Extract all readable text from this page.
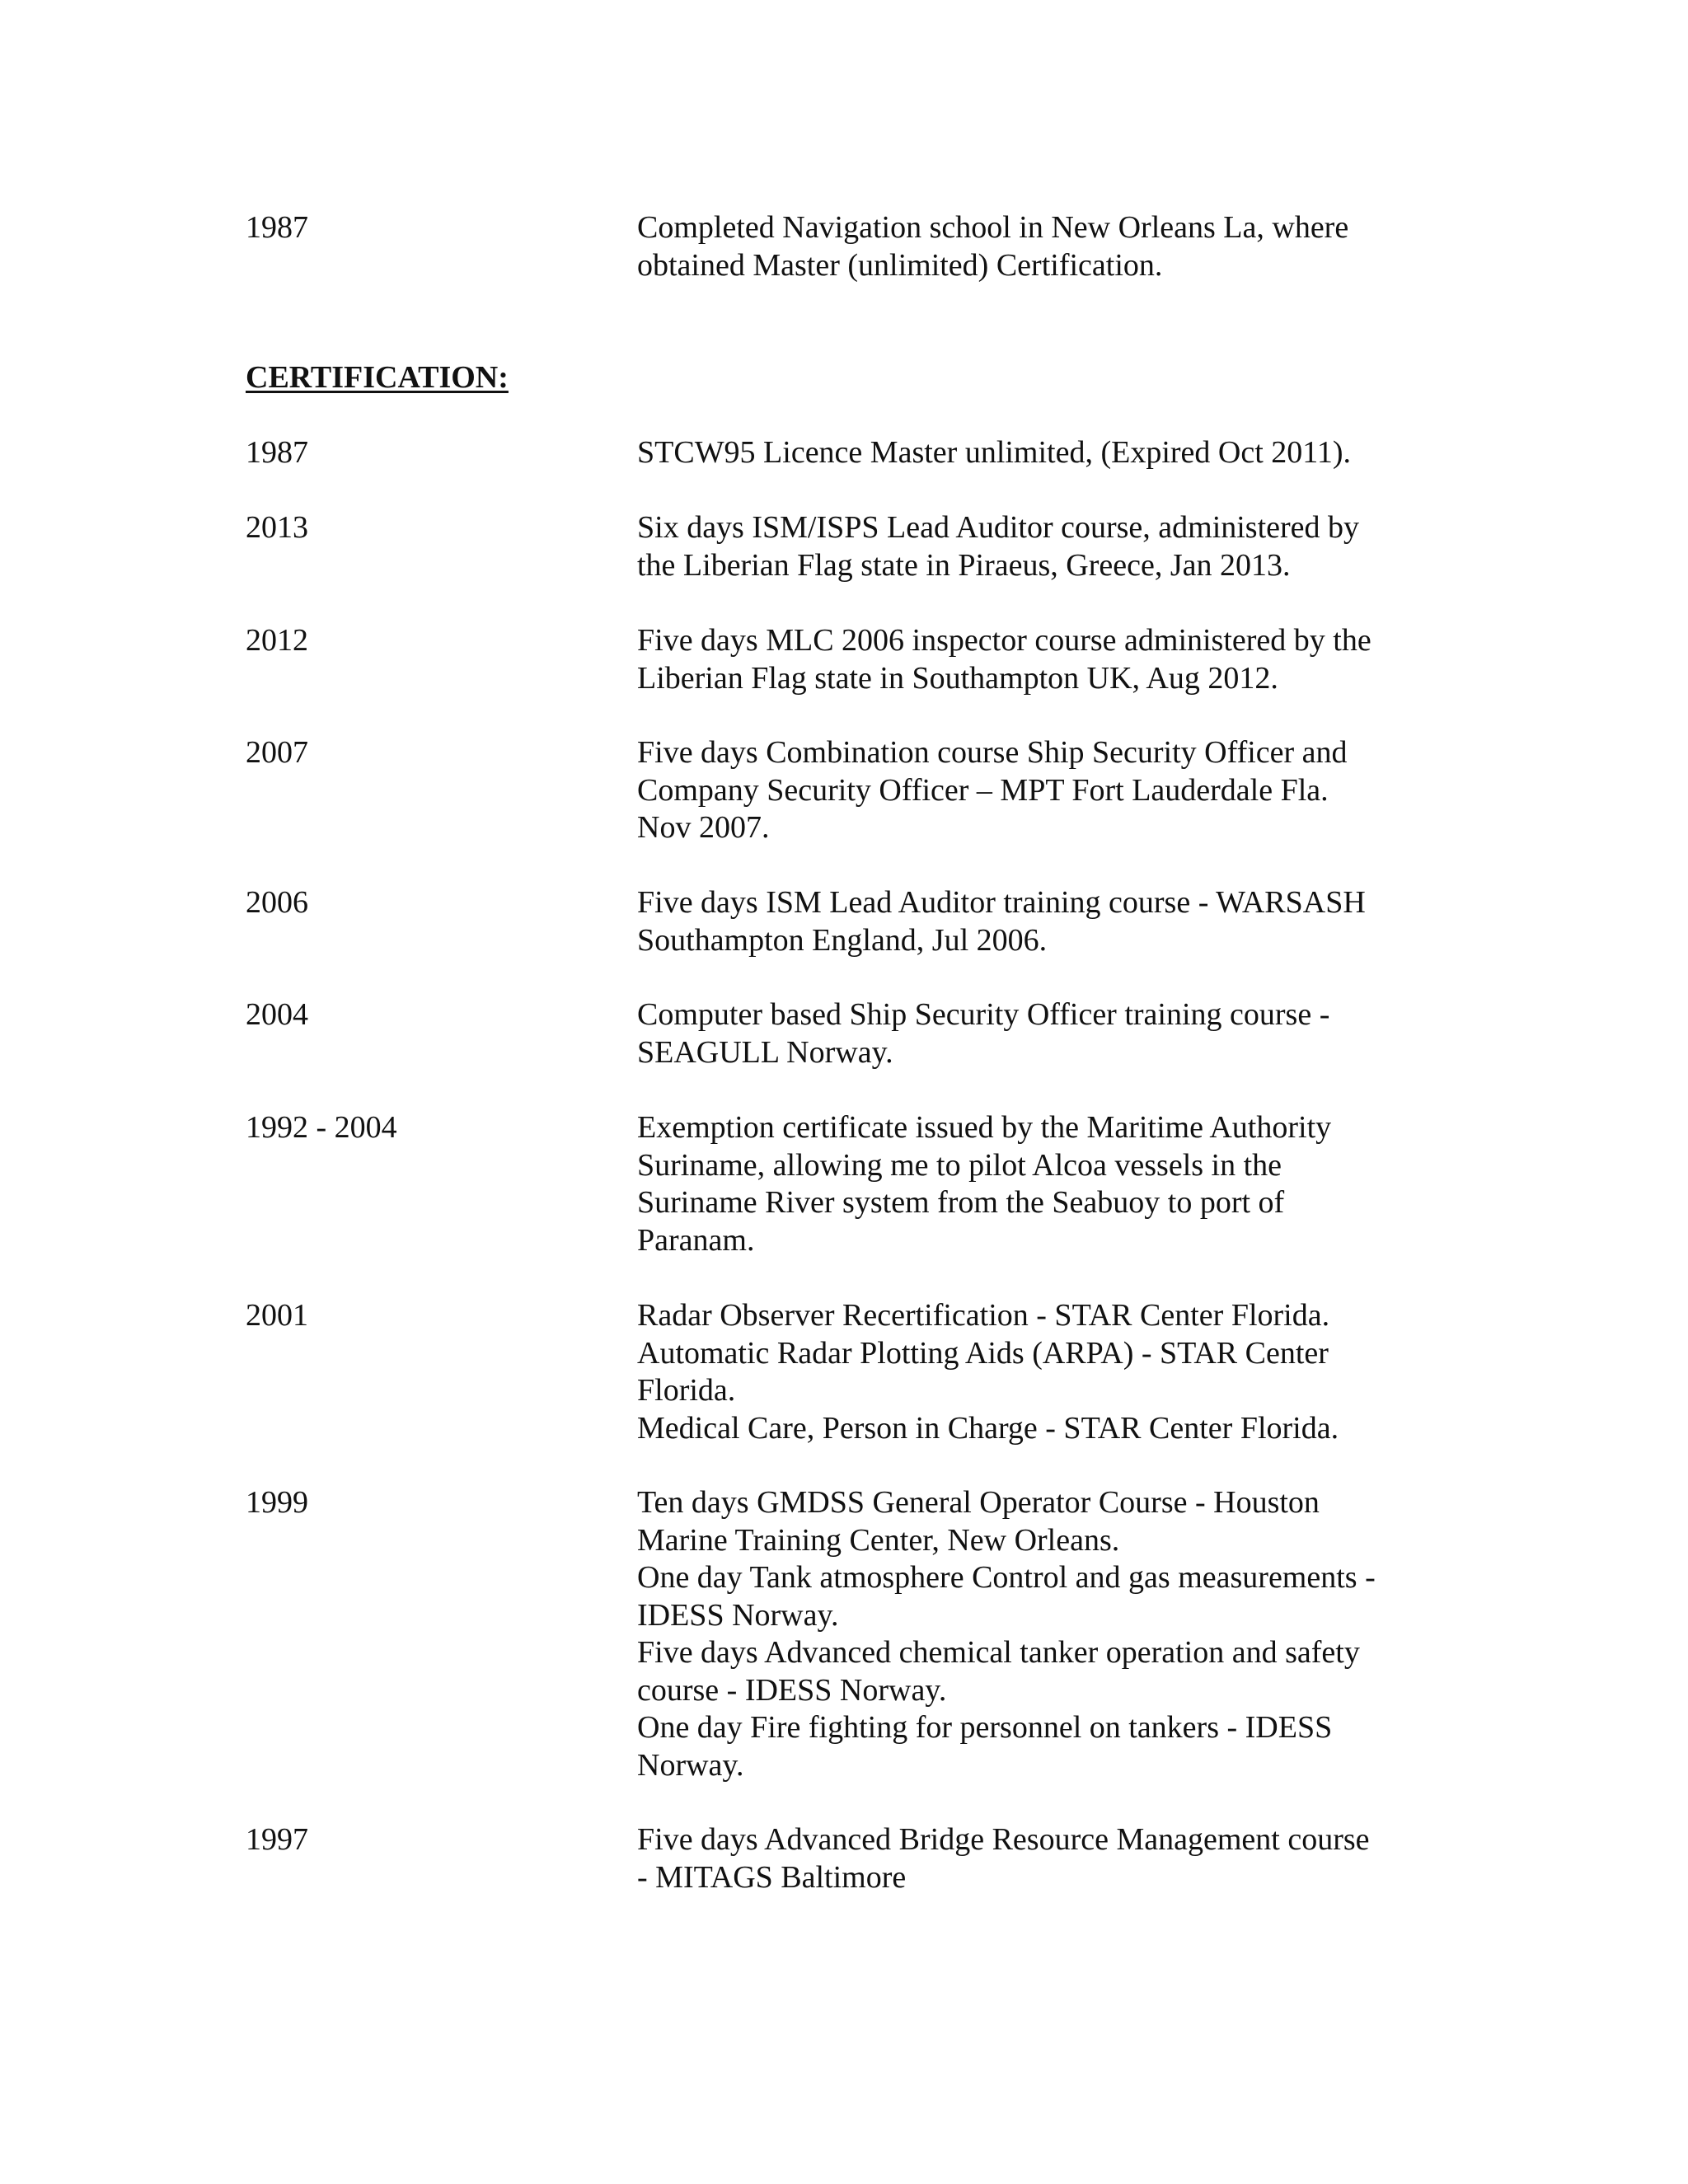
1987	Completed Navigation school in New Orleans La, where
obtained Master (unlimited) Certification.
CERTIFICATION:
1987	STCW95 Licence Master unlimited, (Expired Oct 2011).
2013	Six days ISM/ISPS Lead Auditor course, administered by
the Liberian Flag state in Piraeus, Greece, Jan 2013.
2012	Five days MLC 2006 inspector course administered by the
Liberian Flag state in Southampton UK, Aug 2012.
2007	Five days Combination course Ship Security Officer and
Company Security Officer – MPT Fort Lauderdale Fla.
Nov 2007.
2006	Five days ISM Lead Auditor training course - WARSASH
Southampton England, Jul 2006.
2004	Computer based Ship Security Officer training course -
SEAGULL Norway.
1992 - 2004	Exemption certificate issued by the Maritime Authority
Suriname, allowing me to pilot Alcoa vessels in the
Suriname River system from the Seabuoy to port of
Paranam.
2001	Radar Observer Recertification - STAR Center Florida.
Automatic Radar Plotting Aids (ARPA) - STAR Center
Florida.
Medical Care, Person in Charge - STAR Center Florida.
1999	Ten days GMDSS General Operator Course - Houston
Marine Training Center, New Orleans.
One day Tank atmosphere Control and gas measurements -
IDESS Norway.
Five days Advanced chemical tanker operation and safety
course - IDESS Norway.
One day Fire fighting for personnel on tankers - IDESS
Norway.
1997	Five days Advanced Bridge Resource Management course
- MITAGS Baltimore
